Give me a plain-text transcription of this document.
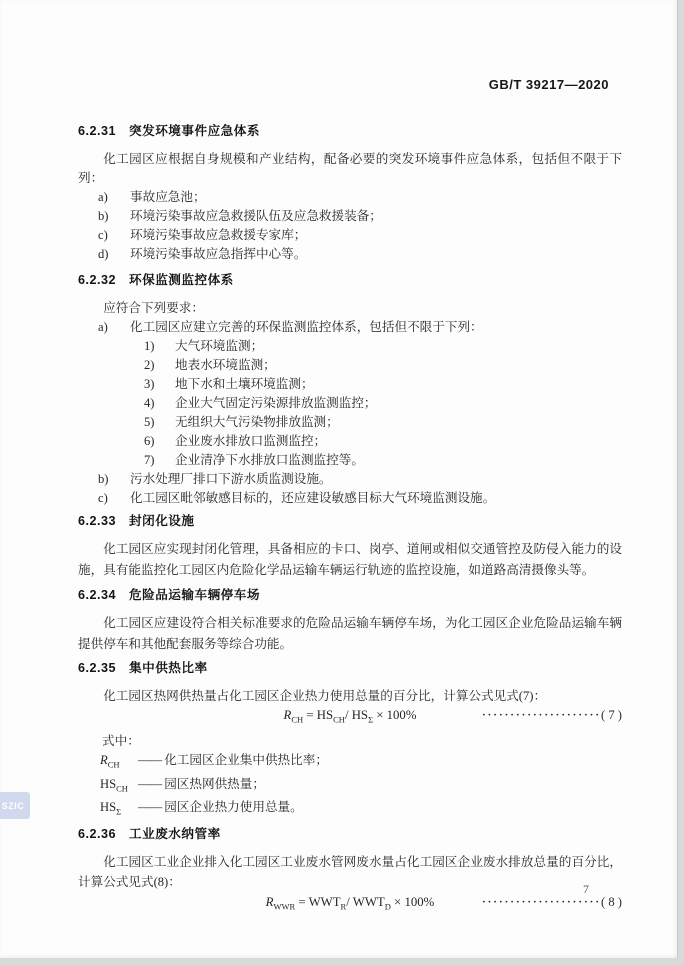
GB/T 39217—2020
6.2.31 突发环境事件应急体系

化工园区应根据自身规模和产业结构，配备必要的突发环境事件应急体系，包括但不限于下列：

a)	事故应急池；
b)	环境污染事故应急救援队伍及应急救援装备；
c)	环境污染事故应急救援专家库；
d)	环境污染事故应急指挥中心等。
6.2.32 环保监测监控体系

应符合下列要求：

a)	化工园区应建立完善的环保监测监控体系，包括但不限于下列：
1)	大气环境监测；
2)	地表水环境监测；
3)	地下水和土壤环境监测；
4)	企业大气固定污染源排放监测监控；
5)	无组织大气污染物排放监测；
6)	企业废水排放口监测监控；
7)	企业清净下水排放口监测监控等。
b)	污水处理厂排口下游水质监测设施。
c)	化工园区毗邻敏感目标的，还应建设敏感目标大气环境监测设施。
6.2.33 封闭化设施

化工园区应实现封闭化管理，具备相应的卡口、岗亭、道闸或相似交通管控及防侵入能力的设施，具有能监控化工园区内危险化学品运输车辆运行轨迹的监控设施，如道路高清摄像头等。

6.2.34 危险品运输车辆停车场

化工园区应建设符合相关标准要求的危险品运输车辆停车场，为化工园区企业危险品运输车辆提供停车和其他配套服务等综合功能。

6.2.35 集中供热比率

化工园区热网供热量占化工园区企业热力使用总量的百分比，计算公式见式(7)：

$R_{CH} = HS_{CH}/$ $HS_\Sigma \times 100\%$	·····················( 7 )

式中：

$R_{CH}$	—— 化工园区企业集中供热比率；
$HS_{CH}$ —— 园区热网供热量；
$HS_\Sigma$	—— 园区企业热力使用总量。
6.2.36 工业废水纳管率

化工园区工业企业排入化工园区工业废水管网废水量占化工园区企业废水排放总量的百分比，计算公式见式(8)：

$R_{WWR} = WWT_R/$ $WWT_D \times 100\%$	·····················( 8 )
SZIC
7
